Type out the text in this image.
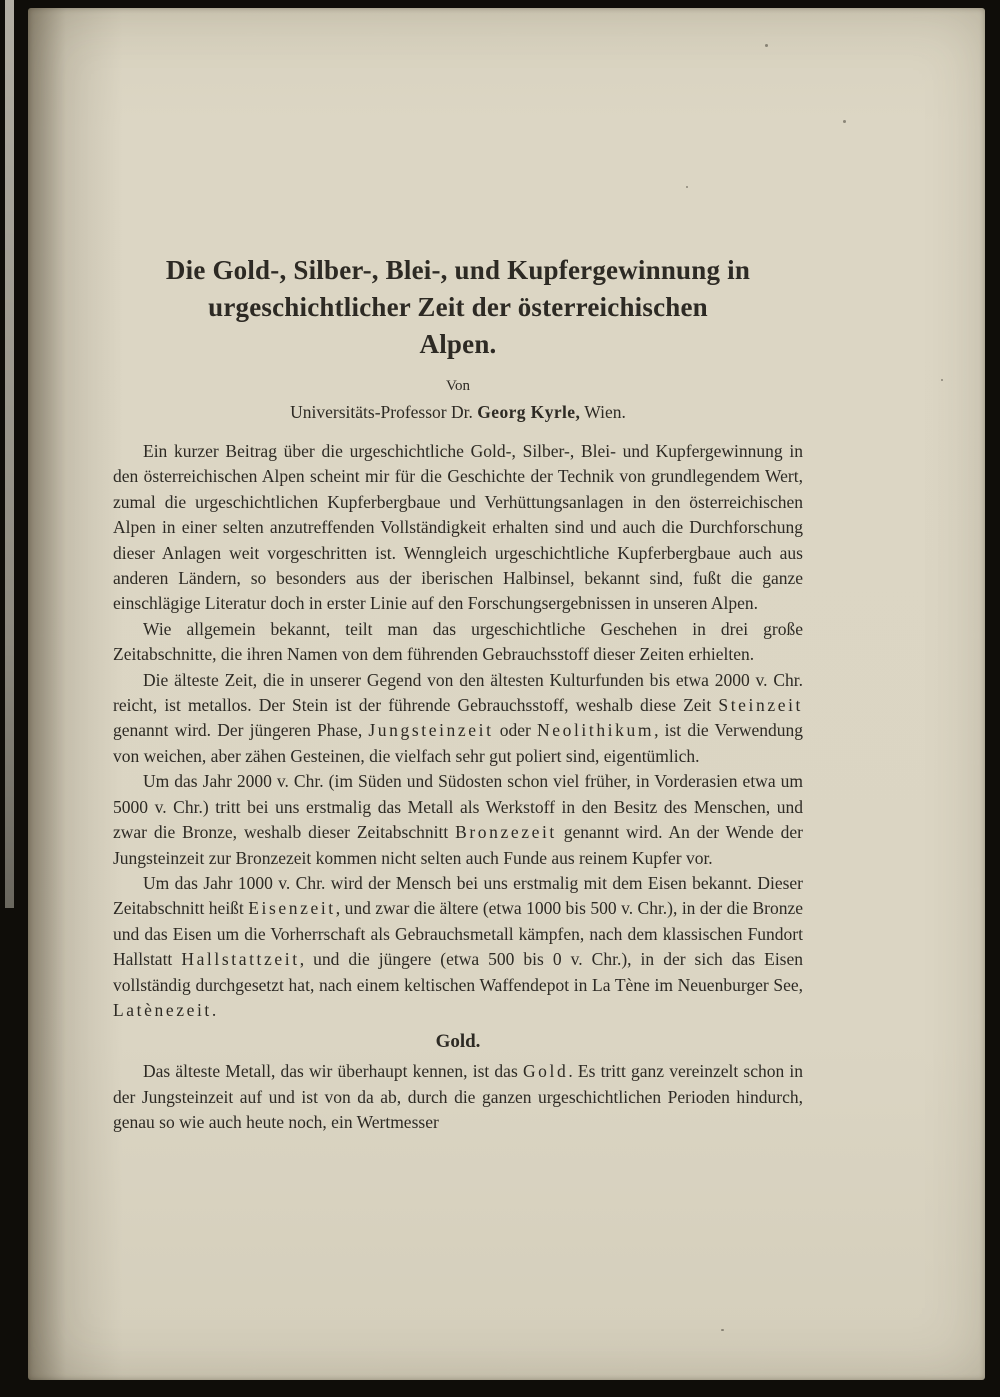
Die Gold-, Silber-, Blei-, und Kupfergewinnung in
urgeschichtlicher Zeit der österreichischen
Alpen.
Von
Universitäts-Professor Dr. Georg Kyrle, Wien.

Ein kurzer Beitrag über die urgeschichtliche Gold-, Silber-, Blei- und Kupfergewinnung in den österreichischen Alpen scheint mir für die Geschichte der Technik von grundlegendem Wert, zumal die urgeschichtlichen Kupferbergbaue und Verhüttungsanlagen in den österreichischen Alpen in einer selten anzutreffenden Vollständigkeit erhalten sind und auch die Durchforschung dieser Anlagen weit vorgeschritten ist. Wenngleich urgeschichtliche Kupferbergbaue auch aus anderen Ländern, so besonders aus der iberischen Halbinsel, bekannt sind, fußt die ganze einschlägige Literatur doch in erster Linie auf den Forschungsergebnissen in unseren Alpen.

Wie allgemein bekannt, teilt man das urgeschichtliche Geschehen in drei große Zeitabschnitte, die ihren Namen von dem führenden Gebrauchsstoff dieser Zeiten erhielten.

Die älteste Zeit, die in unserer Gegend von den ältesten Kulturfunden bis etwa 2000 v. Chr. reicht, ist metallos. Der Stein ist der führende Gebrauchsstoff, weshalb diese Zeit Steinzeit genannt wird. Der jüngeren Phase, Jungsteinzeit oder Neolithikum, ist die Verwendung von weichen, aber zähen Gesteinen, die vielfach sehr gut poliert sind, eigentümlich.

Um das Jahr 2000 v. Chr. (im Süden und Südosten schon viel früher, in Vorderasien etwa um 5000 v. Chr.) tritt bei uns erstmalig das Metall als Werkstoff in den Besitz des Menschen, und zwar die Bronze, weshalb dieser Zeitabschnitt Bronzezeit genannt wird. An der Wende der Jungsteinzeit zur Bronzezeit kommen nicht selten auch Funde aus reinem Kupfer vor.

Um das Jahr 1000 v. Chr. wird der Mensch bei uns erstmalig mit dem Eisen bekannt. Dieser Zeitabschnitt heißt Eisenzeit, und zwar die ältere (etwa 1000 bis 500 v. Chr.), in der die Bronze und das Eisen um die Vorherrschaft als Gebrauchsmetall kämpfen, nach dem klassischen Fundort Hallstatt Hallstattzeit, und die jüngere (etwa 500 bis 0 v. Chr.), in der sich das Eisen vollständig durchgesetzt hat, nach einem keltischen Waffendepot in La Tène im Neuenburger See, Latènezeit.

Gold.

Das älteste Metall, das wir überhaupt kennen, ist das Gold. Es tritt ganz vereinzelt schon in der Jungsteinzeit auf und ist von da ab, durch die ganzen urgeschichtlichen Perioden hindurch, genau so wie auch heute noch, ein Wertmesser
